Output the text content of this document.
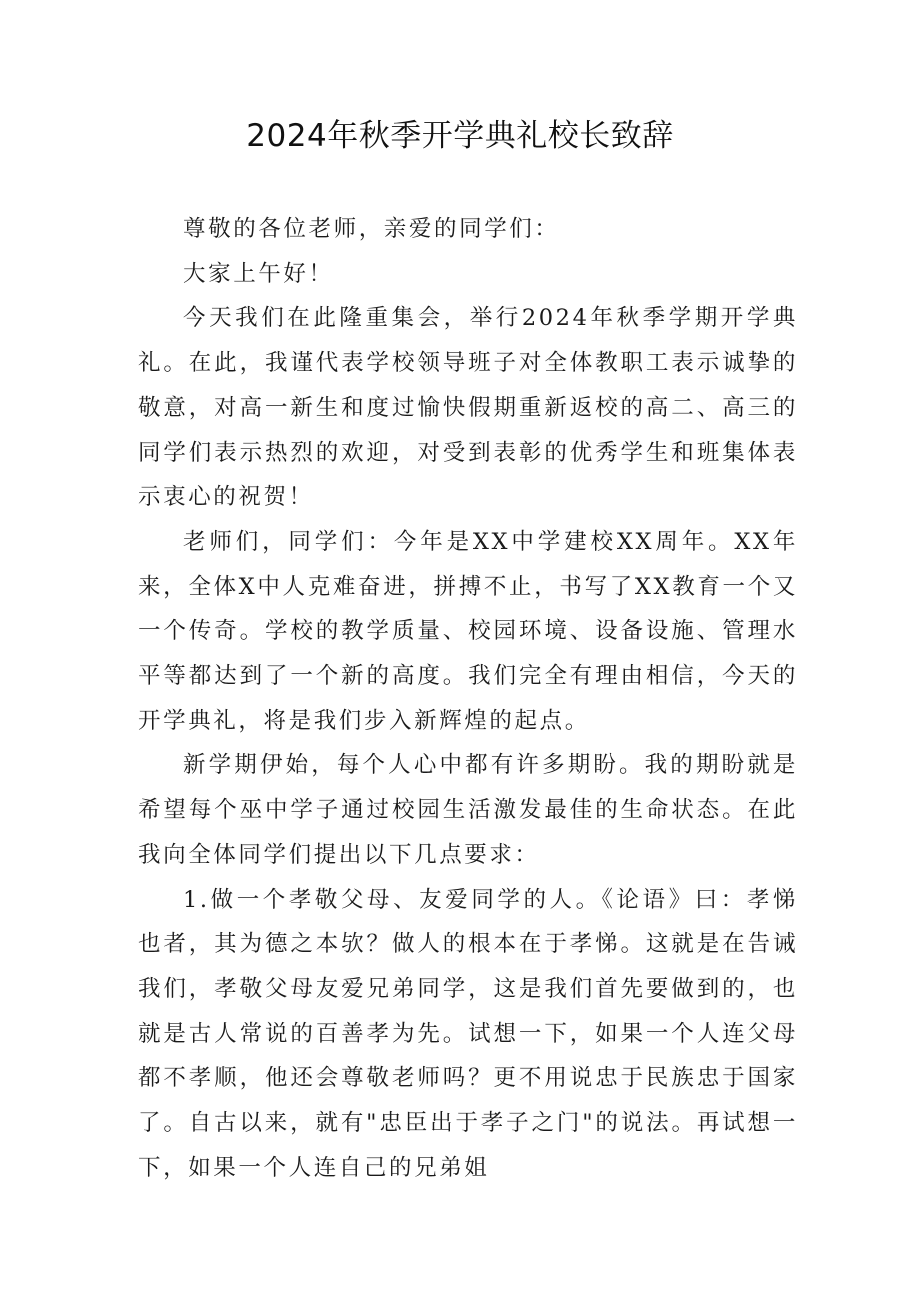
2024年秋季开学典礼校长致辞

尊敬的各位老师，亲爱的同学们：

大家上午好！

今天我们在此隆重集会，举行2024年秋季学期开学典礼。在此，我谨代表学校领导班子对全体教职工表示诚挚的敬意，对高一新生和度过愉快假期重新返校的高二、高三的同学们表示热烈的欢迎，对受到表彰的优秀学生和班集体表示衷心的祝贺！

老师们，同学们：今年是XX中学建校XX周年。XX年来，全体X中人克难奋进，拼搏不止，书写了XX教育一个又一个传奇。学校的教学质量、校园环境、设备设施、管理水平等都达到了一个新的高度。我们完全有理由相信，今天的开学典礼，将是我们步入新辉煌的起点。

新学期伊始，每个人心中都有许多期盼。我的期盼就是希望每个巫中学子通过校园生活激发最佳的生命状态。在此我向全体同学们提出以下几点要求：

1.做一个孝敬父母、友爱同学的人。《论语》曰：孝悌也者，其为德之本欤？做人的根本在于孝悌。这就是在告诫我们，孝敬父母友爱兄弟同学，这是我们首先要做到的，也就是古人常说的百善孝为先。试想一下，如果一个人连父母都不孝顺，他还会尊敬老师吗？更不用说忠于民族忠于国家了。自古以来，就有"忠臣出于孝子之门"的说法。再试想一下，如果一个人连自己的兄弟姐
